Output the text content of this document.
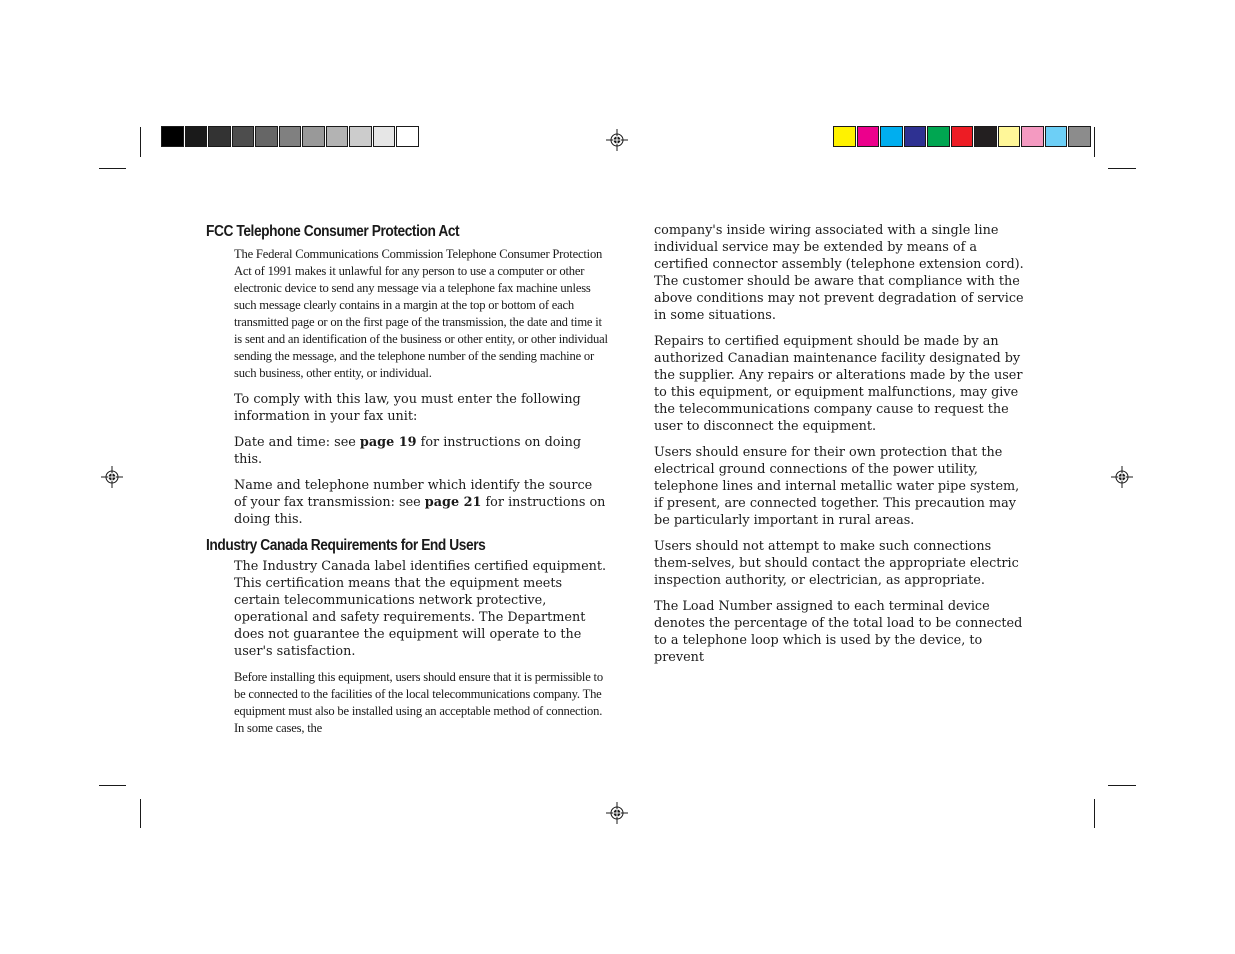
FCC Telephone Consumer Protection Act

The Federal Communications Commission Telephone Consumer Protection Act of 1991 makes it unlawful for any person to use a computer or other electronic device to send any message via a telephone fax machine unless such message clearly contains in a margin at the top or bottom of each transmitted page or on the first page of the transmission, the date and time it is sent and an identification of the business or other entity, or other individual sending the message, and the telephone number of the sending machine or such business, other entity, or individual.

To comply with this law, you must enter the following information in your fax unit:

Date and time: see page 19 for instructions on doing this.

Name and telephone number which identify the source of your fax transmission: see page 21 for instructions on doing this.

Industry Canada Requirements for End Users

The Industry Canada label identifies certified equipment. This certification means that the equipment meets certain telecommunications network protective, operational and safety requirements. The Department does not guarantee the equipment will operate to the user's satisfaction.

Before installing this equipment, users should ensure that it is permissible to be connected to the facilities of the local telecommunications company. The equipment must also be installed using an acceptable method of connection. In some cases, the

company's inside wiring associated with a single line individual service may be extended by means of a certified connector assembly (telephone extension cord). The customer should be aware that compliance with the above conditions may not prevent degradation of service in some situations.

Repairs to certified equipment should be made by an authorized Canadian maintenance facility designated by the supplier. Any repairs or alterations made by the user to this equipment, or equipment malfunctions, may give the telecommunications company cause to request the user to disconnect the equipment.

Users should ensure for their own protection that the electrical ground connections of the power utility, telephone lines and internal metallic water pipe system, if present, are connected together. This precaution may be particularly important in rural areas.

Users should not attempt to make such connections them-selves, but should contact the appropriate electric inspection authority, or electrician, as appropriate.

The Load Number assigned to each terminal device denotes the percentage of the total load to be connected to a telephone loop which is used by the device, to prevent
